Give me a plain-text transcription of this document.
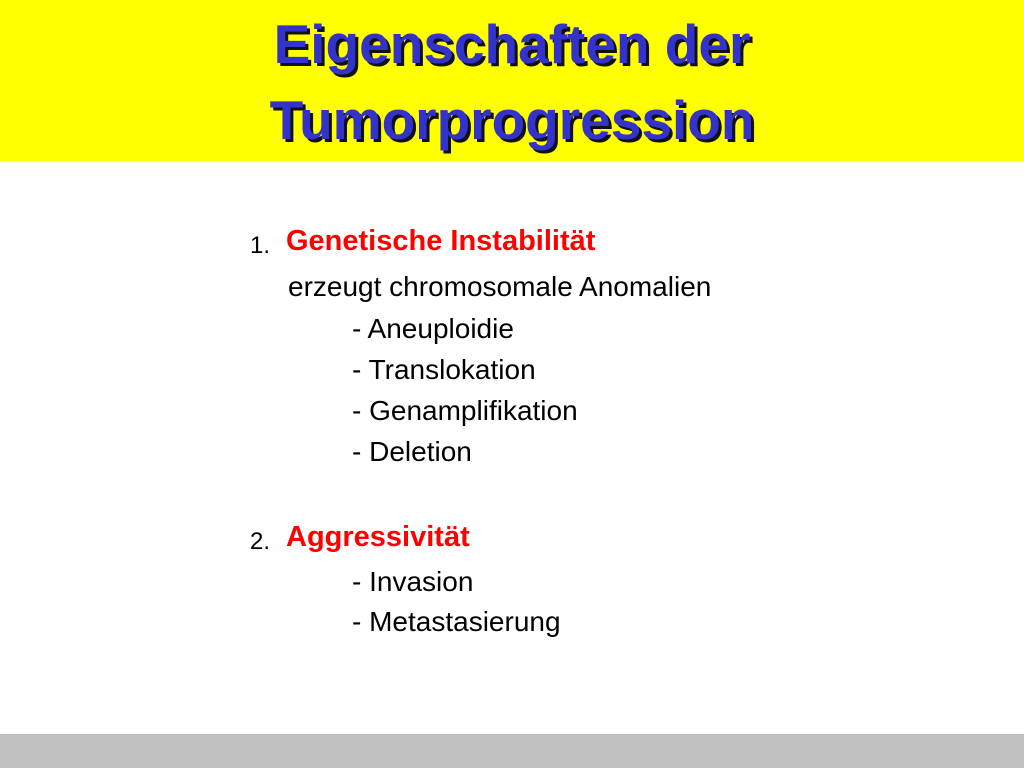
Eigenschaften der
Tumorprogression
1. Genetische Instabilität
erzeugt chromosomale Anomalien
- Aneuploidie
- Translokation
- Genamplifikation
- Deletion
2. Aggressivität
- Invasion
- Metastasierung
